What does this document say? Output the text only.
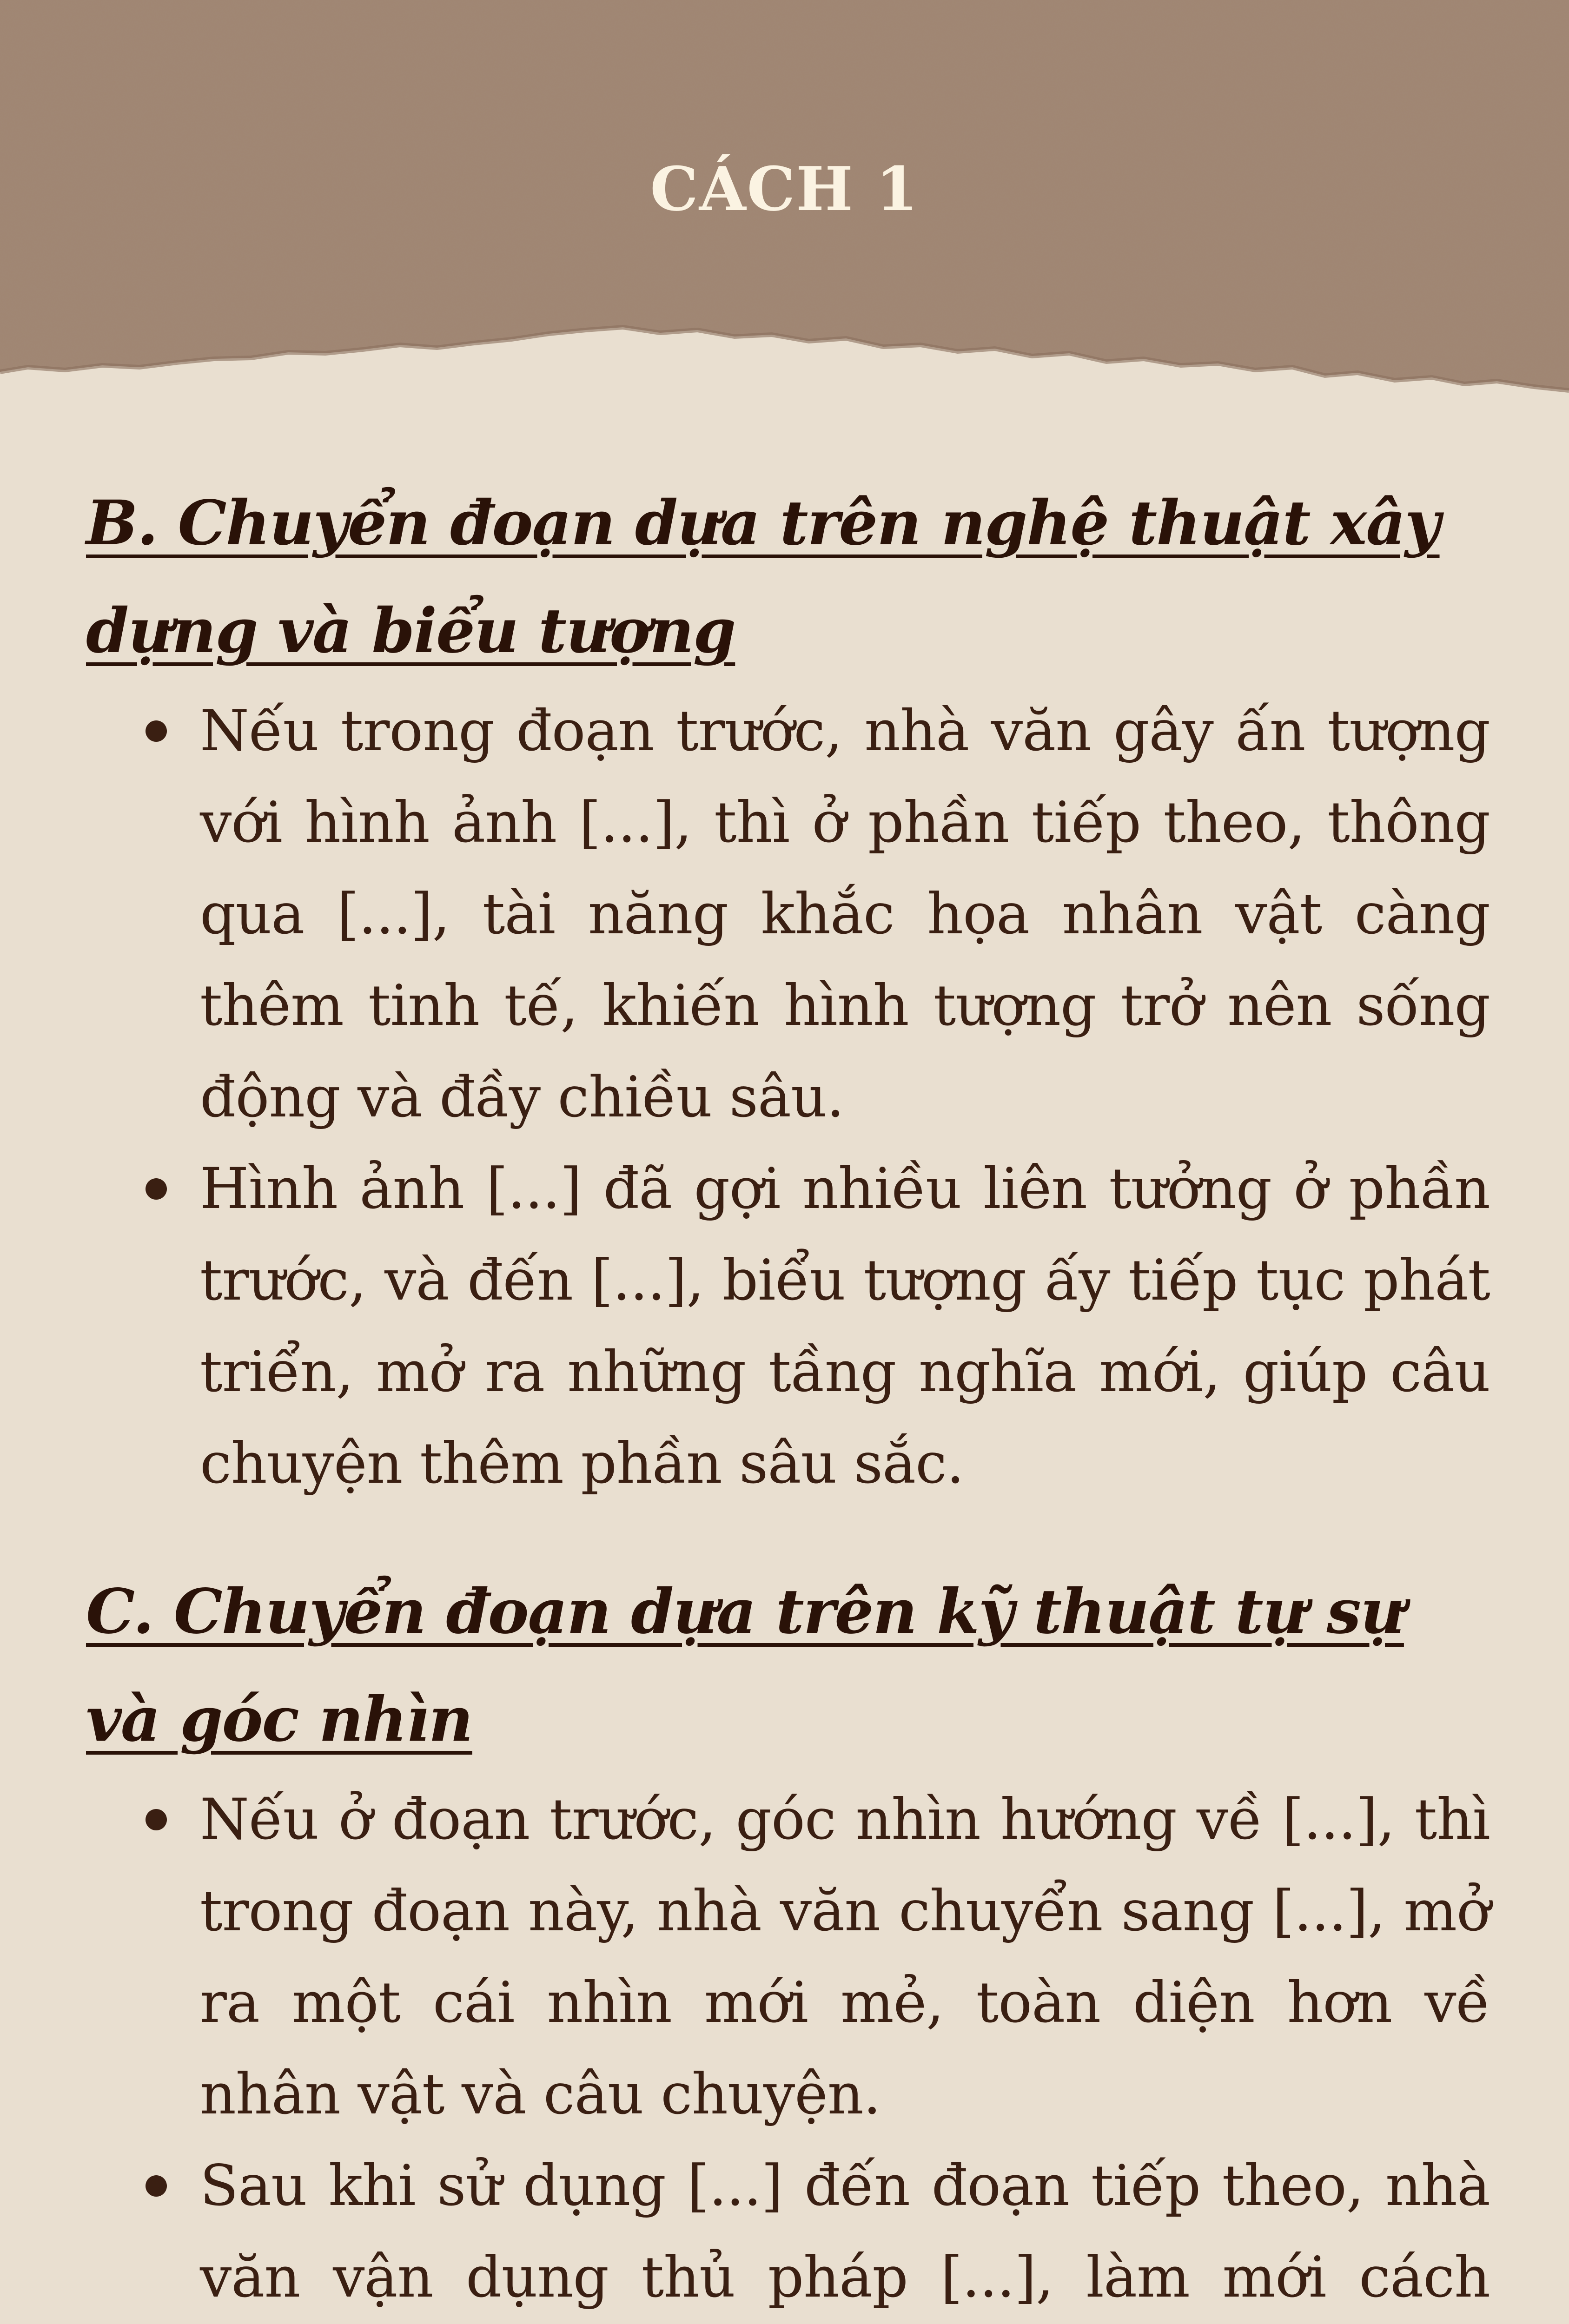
CÁCH 1
B. Chuyển đoạn dựa trên nghệ thuật xây dựng và biểu tượng
Nếu trong đoạn trước, nhà văn gây ấn tượng với hình ảnh [...], thì ở phần tiếp theo, thông qua [...], tài năng khắc họa nhân vật càng thêm tinh tế, khiến hình tượng trở nên sống động và đầy chiều sâu.
Hình ảnh [...] đã gợi nhiều liên tưởng ở phần trước, và đến [...], biểu tượng ấy tiếp tục phát triển, mở ra những tầng nghĩa mới, giúp câu chuyện thêm phần sâu sắc.
C. Chuyển đoạn dựa trên kỹ thuật tự sự và góc nhìn
Nếu ở đoạn trước, góc nhìn hướng về [...], thì trong đoạn này, nhà văn chuyển sang [...], mở ra một cái nhìn mới mẻ, toàn diện hơn về nhân vật và câu chuyện.
Sau khi sử dụng [...] đến đoạn tiếp theo, nhà văn vận dụng thủ pháp [...], làm mới cách
